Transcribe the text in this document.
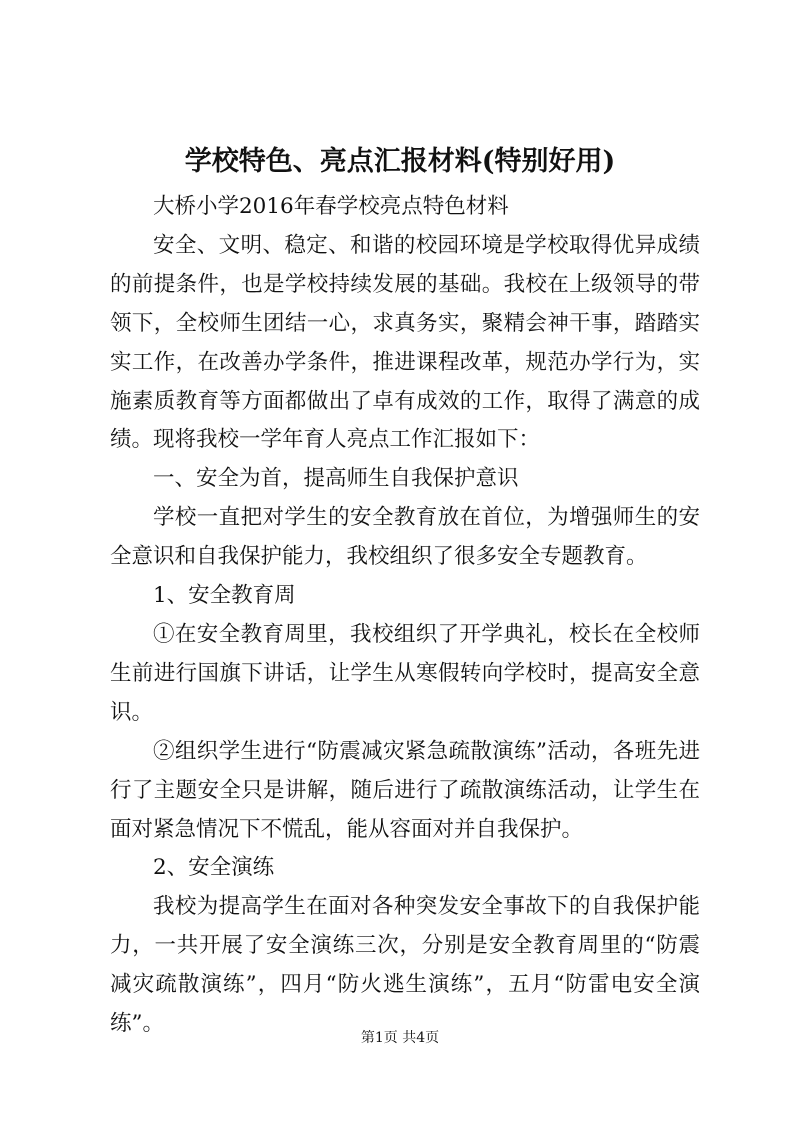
学校特色、亮点汇报材料(特别好用)

大桥小学2016年春学校亮点特色材料

安全、文明、稳定、和谐的校园环境是学校取得优异成绩的前提条件，也是学校持续发展的基础。我校在上级领导的带领下，全校师生团结一心，求真务实，聚精会神干事，踏踏实实工作，在改善办学条件，推进课程改革，规范办学行为，实施素质教育等方面都做出了卓有成效的工作，取得了满意的成绩。现将我校一学年育人亮点工作汇报如下：

一、安全为首，提高师生自我保护意识

学校一直把对学生的安全教育放在首位，为增强师生的安全意识和自我保护能力，我校组织了很多安全专题教育。

1、安全教育周

①在安全教育周里，我校组织了开学典礼，校长在全校师生前进行国旗下讲话，让学生从寒假转向学校时，提高安全意识。

②组织学生进行“防震减灾紧急疏散演练”活动，各班先进行了主题安全只是讲解，随后进行了疏散演练活动，让学生在面对紧急情况下不慌乱，能从容面对并自我保护。

2、安全演练

我校为提高学生在面对各种突发安全事故下的自我保护能力，一共开展了安全演练三次，分别是安全教育周里的“防震减灾疏散演练”，四月“防火逃生演练”，五月“防雷电安全演练”。

第1页 共4页
